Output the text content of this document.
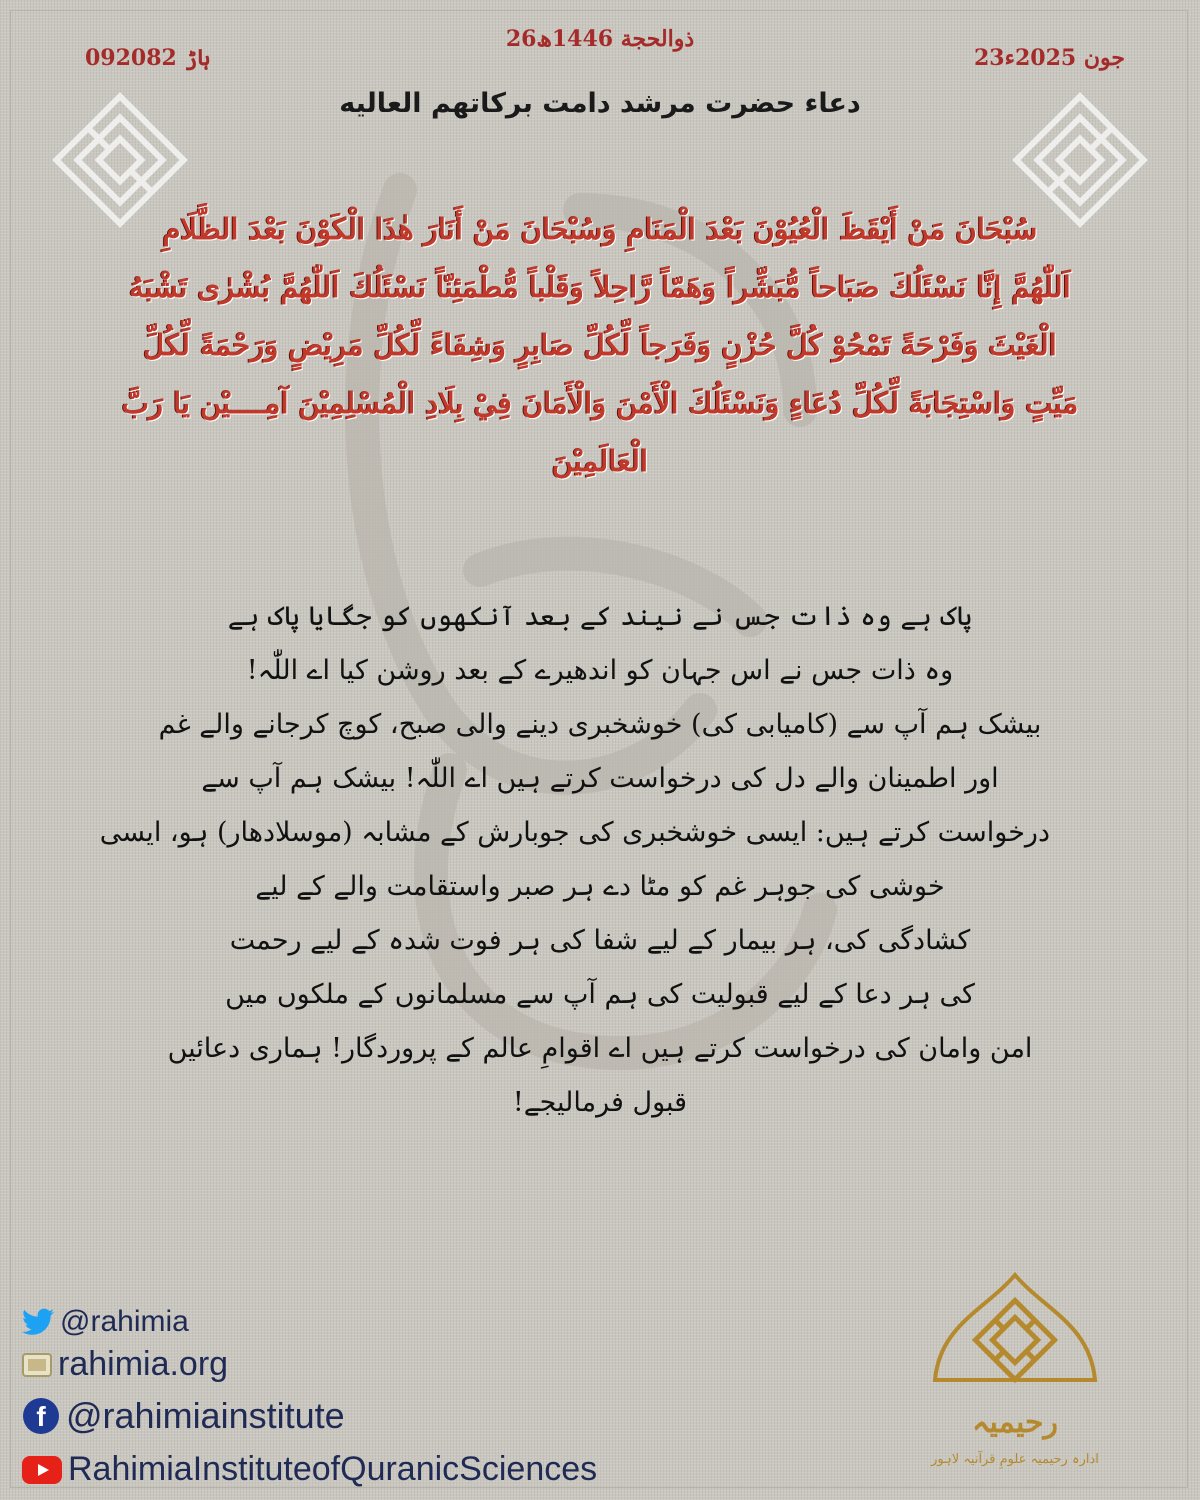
26ذوالحجة 1446ھ
23جون 2025ء
09ہاڑ 2082
دعاء حضرت مرشد دامت برکاتهم العالیه
سُبْحَانَ مَنْ أَيْقَظَ الْعُيُوْنَ بَعْدَ الْمَنَامِ وَسُبْحَانَ مَنْ أَنَارَ هٰذَا الْكَوْنَ بَعْدَ الظَّلَامِ
اَللّٰهُمَّ إِنَّا نَسْئَلُكَ صَبَاحاً مُّبَشِّراً وَهَمّاً رَّاحِلاً وَقَلْباً مُّطْمَئِنّاً نَسْئَلُكَ اَللّٰهُمَّ بُشْرٰى تَشْبَهُ
الْغَيْثَ وَفَرْحَةً تَمْحُوْ كُلَّ حُزْنٍ وَفَرَجاً لِّكُلِّ صَابِرٍ وَشِفَاءً لِّكُلِّ مَرِيْضٍ وَرَحْمَةً لِّكُلِّ
مَيِّتٍ وَاسْتِجَابَةً لِّكُلِّ دُعَاءٍ وَنَسْئَلُكَ الْأَمْنَ وَالْأَمَانَ فِيْ بِلَادِ الْمُسْلِمِيْنَ آمِــــيْن يَا رَبَّ
الْعَالَمِيْنَ
پاک ہے وہ ذات جس نے نیند کے بعد آنکھوں کو جگایا پاک ہے
وہ ذات جس نے اس جہان کو اندھیرے کے بعد روشن کیا اے اللّٰہ!
بیشک ہم آپ سے (کامیابی کی) خوشخبری دینے والی صبح، کوچ کرجانے والے غم
اور اطمینان والے دل کی درخواست کرتے ہیں اے اللّٰہ! بیشک ہم آپ سے
درخواست کرتے ہیں: ایسی خوشخبری کی جوبارش کے مشابہ (موسلادھار) ہو، ایسی
خوشی کی جوہر غم کو مٹا دے ہر صبر واستقامت والے کے لیے
کشادگی کی، ہر بیمار کے لیے شفا کی ہر فوت شدہ کے لیے رحمت
کی ہر دعا کے لیے قبولیت کی ہم آپ سے مسلمانوں کے ملکوں میں
امن وامان کی درخواست کرتے ہیں اے اقوامِ عالم کے پروردگار! ہماری دعائیں
قبول فرمالیجے!
@rahimia
rahimia.org
f @rahimiainstitute
RahimiaInstituteofQuranicSciences
رحیمیہ
ادارہ رحیمیہ علومِ قرآنیہ لاہور
